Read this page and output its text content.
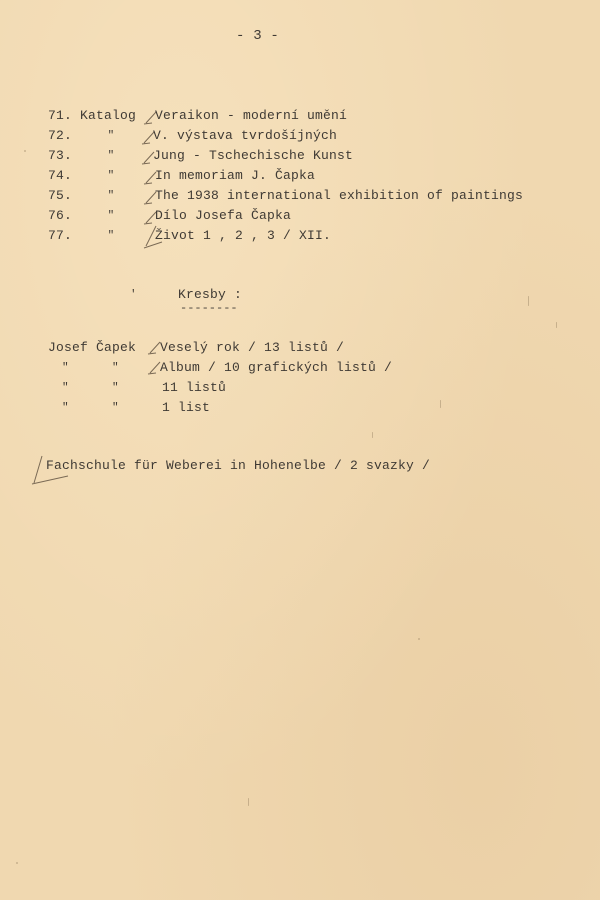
- 3 -
71. Katalog Veraikon - moderní umění
72.	"	V. výstava tvrdošíjných
73.	"	Jung - Tschechische Kunst
74.	"	In memoriam J. Čapka
75.	"	The 1938 international exhibition of paintings
76.	"	Dílo Josefa Čapka
77.	"	Život 1 , 2 , 3 / XII.
'	Kresby :
--------
Josef Čapek Veselý rok / 13 listů /
"	"	Album / 10 grafických listů /
"	"	11 listů
"	"	1 list
Fachschule für Weberei in Hohenelbe / 2 svazky /
